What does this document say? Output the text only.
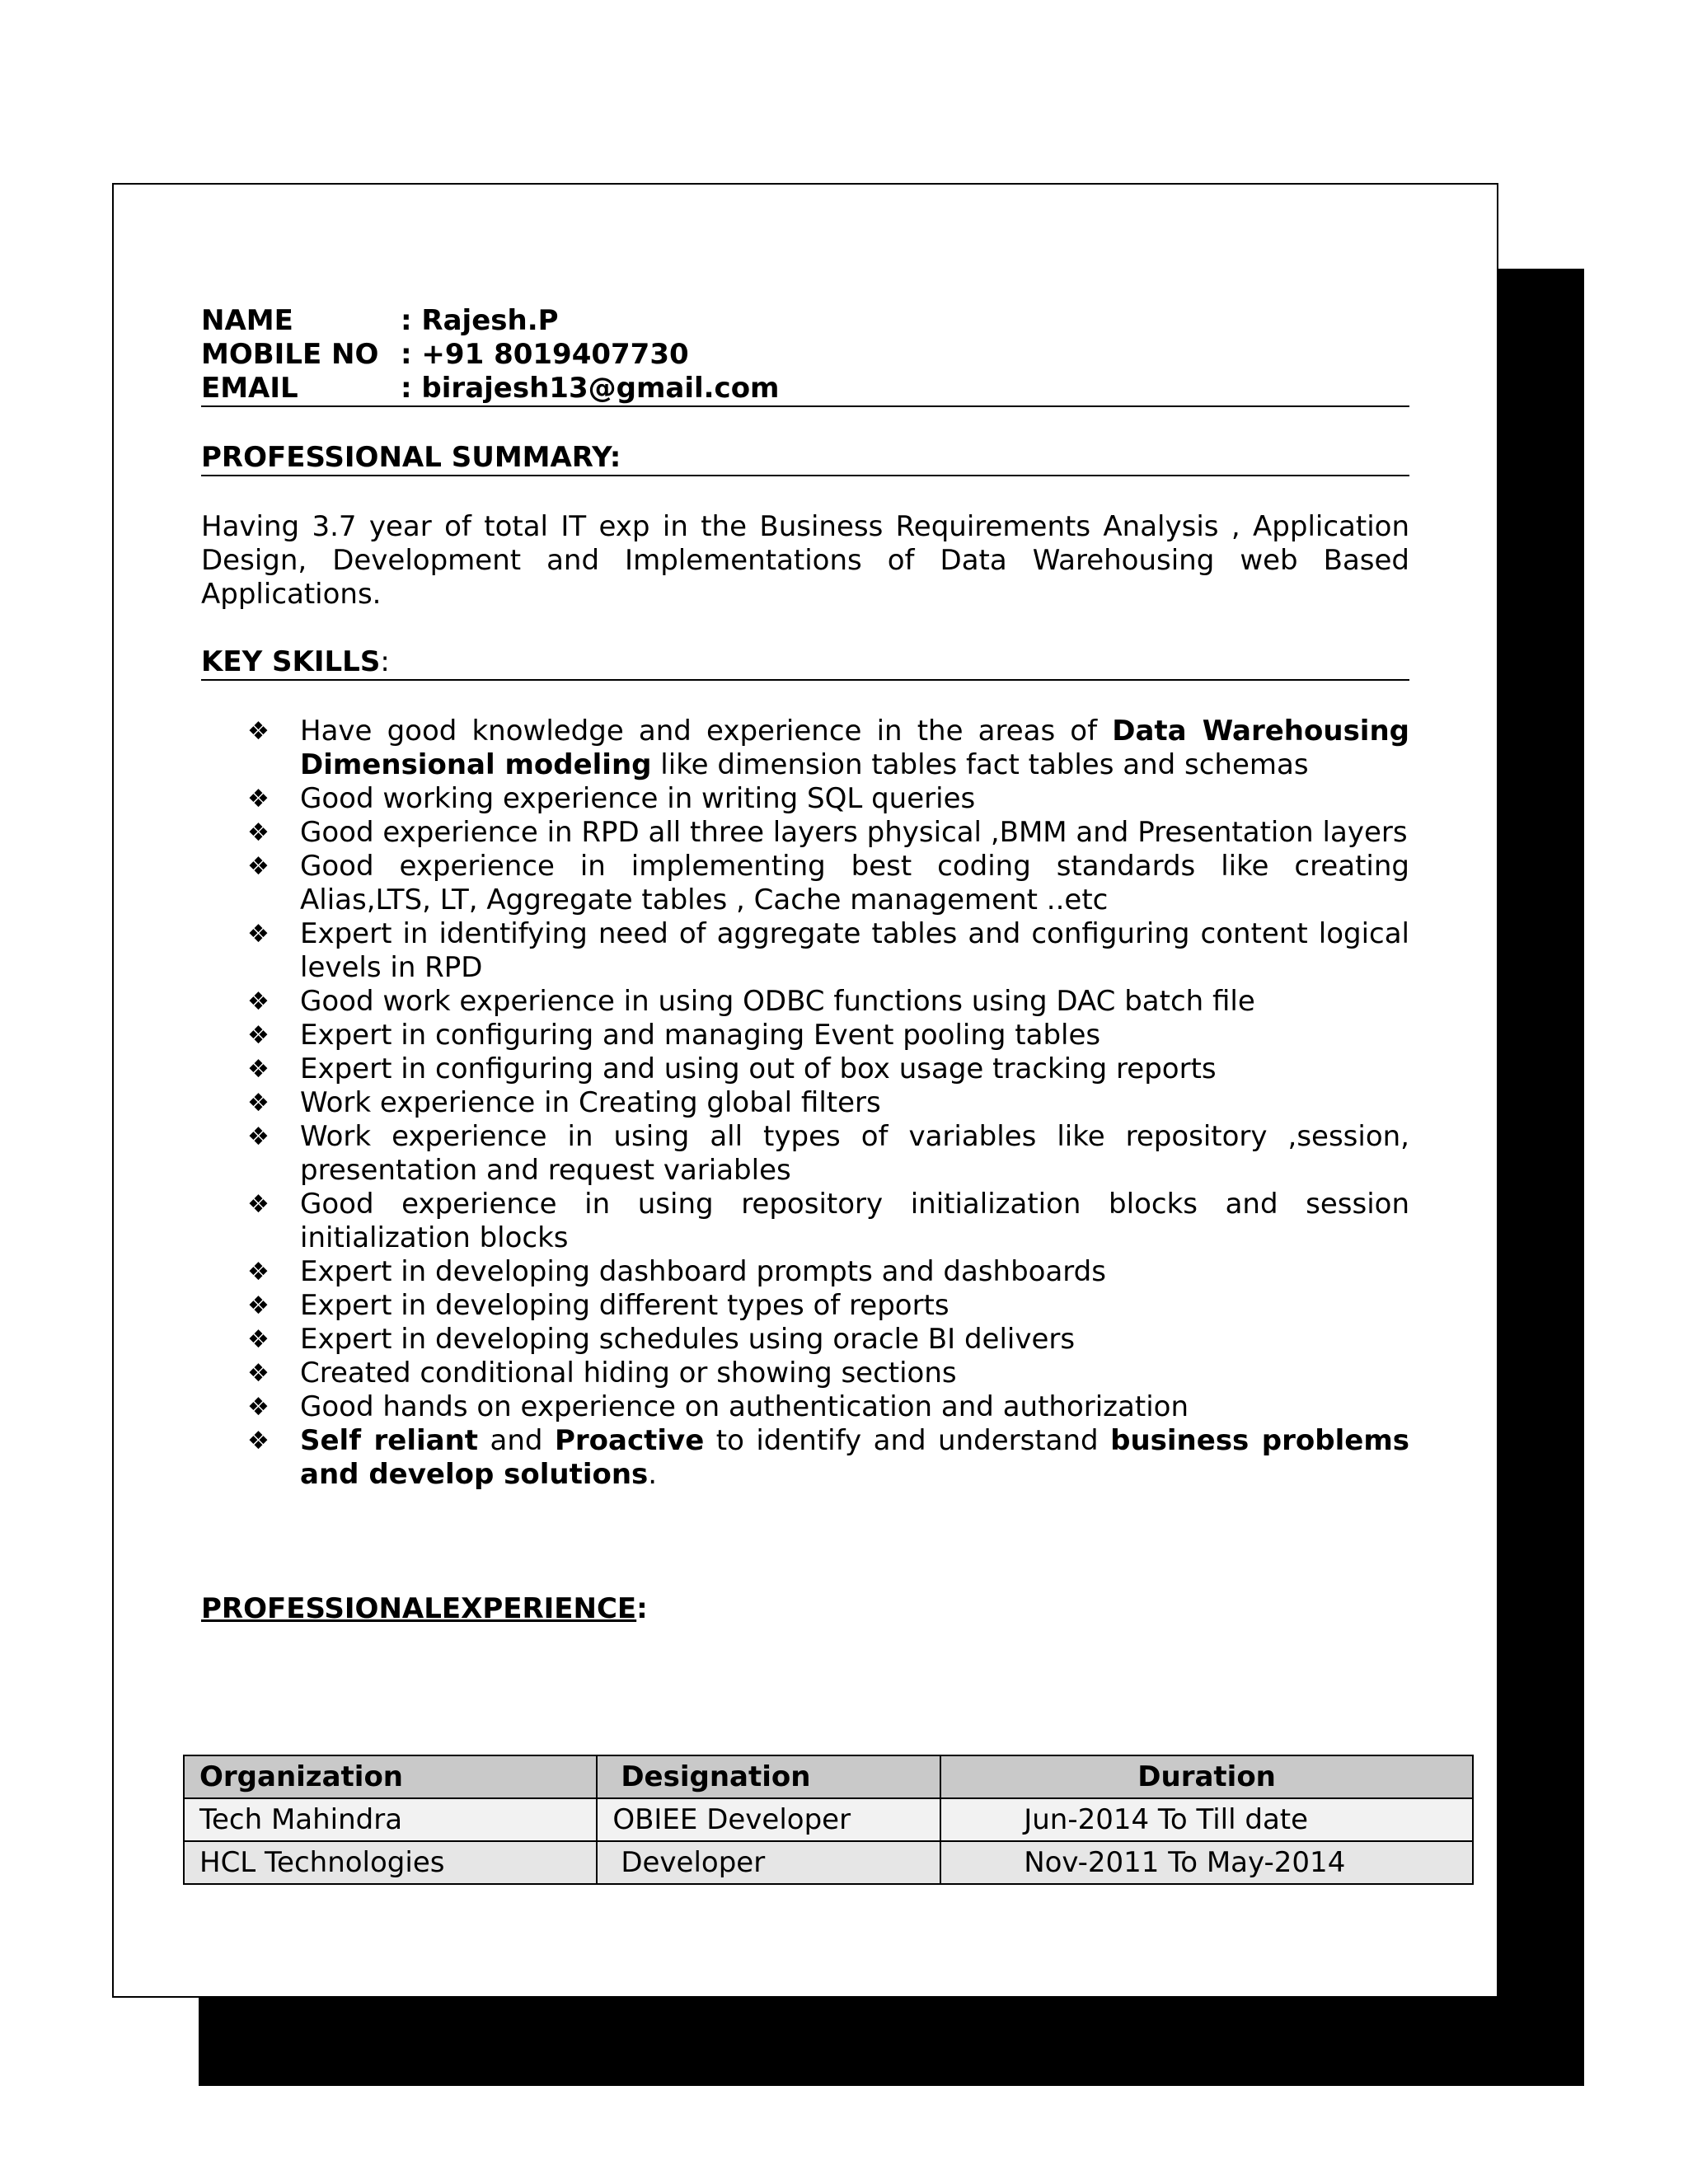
NAME	: Rajesh.P
MOBILE NO : +91 8019407730
EMAIL	: birajesh13@gmail.com
PROFESSIONAL SUMMARY:

Having 3.7 year of total IT exp in the Business Requirements Analysis , Application Design, Development and Implementations of Data Warehousing web Based Applications.

KEY SKILLS:
❖ Have good knowledge and experience in the areas of Data Warehousing Dimensional modeling like dimension tables fact tables and schemas
❖ Good working experience in writing SQL queries
❖ Good experience in RPD all three layers physical ,BMM and Presentation layers
❖ Good experience in implementing best coding standards like creating Alias,LTS, LT, Aggregate tables , Cache management ..etc
❖ Expert in identifying need of aggregate tables and configuring content logical levels in RPD
❖ Good work experience in using ODBC functions using DAC batch file
❖ Expert in configuring and managing Event pooling tables
❖ Expert in configuring and using out of box usage tracking reports
❖ Work experience in Creating global filters
❖ Work experience in using all types of variables like repository ,session, presentation and request variables
❖ Good experience in using repository initialization blocks and session initialization blocks
❖ Expert in developing dashboard prompts and dashboards
❖ Expert in developing different types of reports
❖ Expert in developing schedules using oracle BI delivers
❖ Created conditional hiding or showing sections
❖ Good hands on experience on authentication and authorization
❖ Self reliant and Proactive to identify and understand business problems and develop solutions.
PROFESSIONALEXPERIENCE:
Organization	Designation	Duration
Tech Mahindra	OBIEE Developer	Jun-2014 To Till date
HCL Technologies	Developer	Nov-2011 To May-2014
